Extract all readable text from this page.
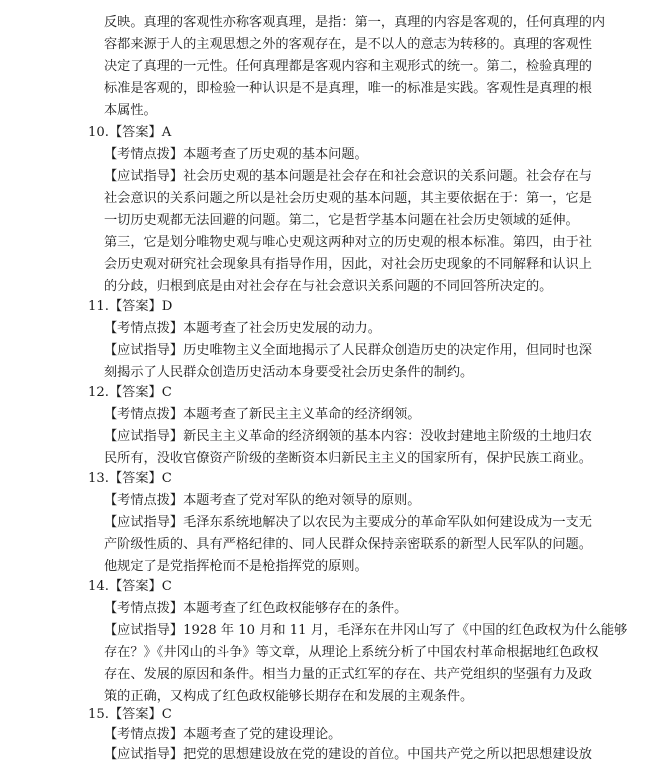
反映。真理的客观性亦称客观真理，是指：第一，真理的内容是客观的，任何真理的内
容都来源于人的主观思想之外的客观存在，是不以人的意志为转移的。真理的客观性
决定了真理的一元性。任何真理都是客观内容和主观形式的统一。第二，检验真理的
标准是客观的，即检验一种认识是不是真理，唯一的标准是实践。客观性是真理的根
本属性。
10.【答案】A
【考情点拨】本题考查了历史观的基本问题。
【应试指导】社会历史观的基本问题是社会存在和社会意识的关系问题。社会存在与
社会意识的关系问题之所以是社会历史观的基本问题，其主要依据在于：第一，它是
一切历史观都无法回避的问题。第二，它是哲学基本问题在社会历史领域的延伸。
第三，它是划分唯物史观与唯心史观这两种对立的历史观的根本标准。第四，由于社
会历史观对研究社会现象具有指导作用，因此，对社会历史现象的不同解释和认识上
的分歧，归根到底是由对社会存在与社会意识关系问题的不同回答所决定的。
11.【答案】D
【考情点拨】本题考查了社会历史发展的动力。
【应试指导】历史唯物主义全面地揭示了人民群众创造历史的决定作用，但同时也深
刻揭示了人民群众创造历史活动本身要受社会历史条件的制约。
12.【答案】C
【考情点拨】本题考查了新民主主义革命的经济纲领。
【应试指导】新民主主义革命的经济纲领的基本内容：没收封建地主阶级的土地归农
民所有，没收官僚资产阶级的垄断资本归新民主主义的国家所有，保护民族工商业。
13.【答案】C
【考情点拨】本题考查了党对军队的绝对领导的原则。
【应试指导】毛泽东系统地解决了以农民为主要成分的革命军队如何建设成为一支无
产阶级性质的、具有严格纪律的、同人民群众保持亲密联系的新型人民军队的问题。
他规定了是党指挥枪而不是枪指挥党的原则。
14.【答案】C
【考情点拨】本题考查了红色政权能够存在的条件。
【应试指导】1928 年 10 月和 11 月，毛泽东在井冈山写了《中国的红色政权为什么能够
存在？》《井冈山的斗争》等文章，从理论上系统分析了中国农村革命根据地红色政权
存在、发展的原因和条件。相当力量的正式红军的存在、共产党组织的坚强有力及政
策的正确，又构成了红色政权能够长期存在和发展的主观条件。
15.【答案】C
【考情点拨】本题考查了党的建设理论。
【应试指导】把党的思想建设放在党的建设的首位。中国共产党之所以把思想建设放
